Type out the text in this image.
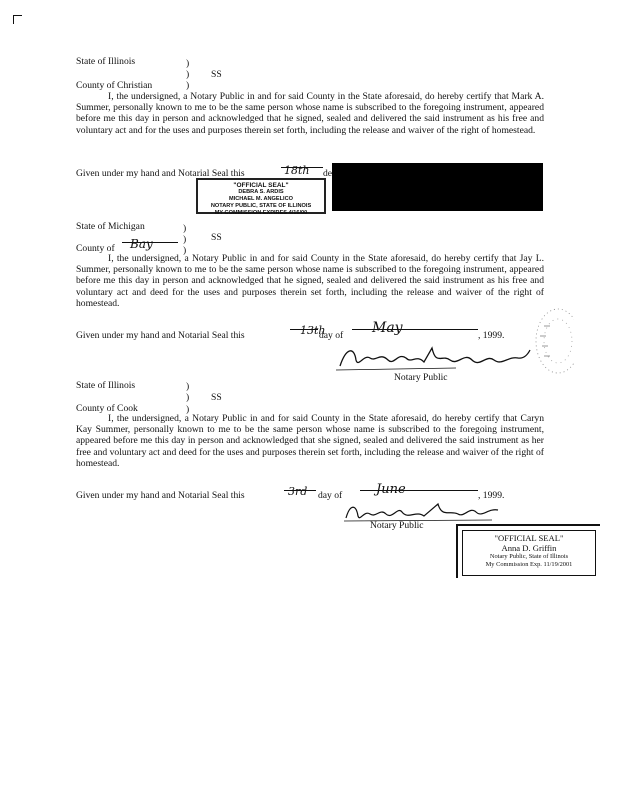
State of Illinois	)
)
)
SS
County of Christian

I, the undersigned, a Notary Public in and for said County in the State aforesaid, do hereby certify that Mark A. Summer, personally known to me to be the same person whose name is subscribed to the foregoing instrument, appeared before me this day in person and acknowledged that he signed, sealed and delivered the said instrument as his free and voluntary act and for the uses and purposes therein set forth, including the release and waiver of the right of homestead.

Given under my hand and Notarial Seal this	18th de
"OFFICIAL SEAL"
DEBRA S. ARDIS
MICHAEL M. ANGELICO
NOTARY PUBLIC, STATE OF ILLINOIS
MY COMMISSION EXPIRES 4/16/00
State of Michigan	)
)
)
SS
County of Bay

I, the undersigned, a Notary Public in and for said County in the State aforesaid, do hereby certify that Jay L. Summer, personally known to me to be the same person whose name is subscribed to the foregoing instrument, appeared before me this day in person and acknowledged that he signed, sealed and delivered the said instrument as his free and voluntary act and deed for the uses and purposes therein set forth, including the release and waiver of the right of homestead.

Given under my hand and Notarial Seal this	13th
day of May	, 1999.
Notary Public
State of Illinois	)
)
)
SS
County of Cook

I, the undersigned, a Notary Public in and for said County in the State aforesaid, do hereby certify that Caryn Kay Summer, personally known to me to be the same person whose name is subscribed to the foregoing instrument, appeared before me this day in person and acknowledged that she signed, sealed and delivered the said instrument as her free and voluntary act and deed for the uses and purposes therein set forth, including the release and waiver of the right of homestead.

Given under my hand and Notarial Seal this	3rd day of	June	, 1999.
Notary Public
"OFFICIAL SEAL"
Anna D. Griffin
Notary Public, State of Illinois
My Commission Exp. 11/19/2001
